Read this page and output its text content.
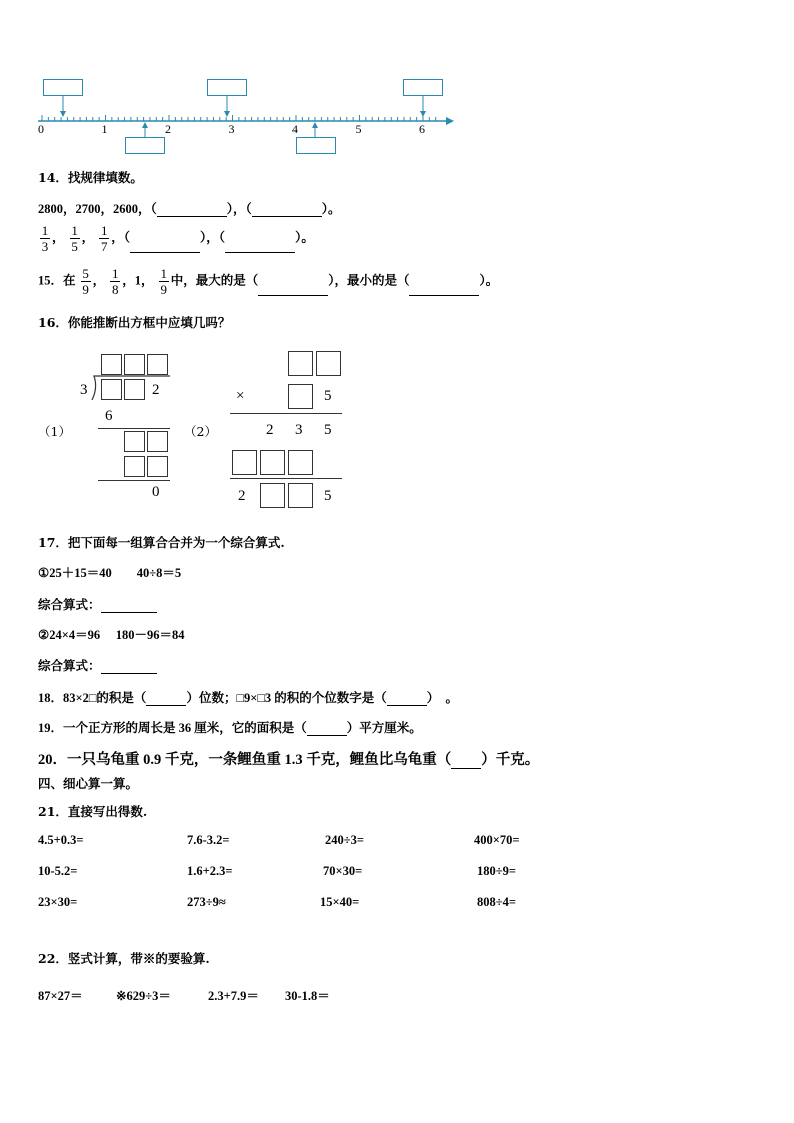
0	1	2	3	4	5	6
14．找规律填数。
2800，2700，2600，（	），（	）。
$\frac{1}{3}$ ， $\frac{1}{5}$ ， $\frac{1}{7}$ ，（	），（	）。
15．在 $\frac{5}{9}$ ， $\frac{1}{8}$ ，1， $\frac{1}{9}$ 中，最大的是（	），最小的是（	）。
16．你能推断出方框中应填几吗？
（1）
3	2
6
0
（2）
×	5
2 3 5
2	5
17．把下面每一组算合合并为一个综合算式.
①25＋15＝40　　40÷8＝5
综合算式：
②24×4＝96　 180－96＝84
综合算式：
18．83×2□的积是（	）位数；□9×□3 的积的个位数字是（	）　。
19．一个正方形的周长是 36 厘米，它的面积是（	）平方厘米。
20．一只乌龟重 0.9 千克，一条鲤鱼重 1.3 千克，鲤鱼比乌龟重（ ）千克。
四、细心算一算。
21．直接写出得数.
4.5+0.3=	7.6-3.2=	240÷3=	400×70=
10-5.2=	1.6+2.3=	70×30=	180÷9=
23×30=	273÷9≈	15×40=	808÷4=
22．竖式计算，带※的要验算.
87×27＝	※629÷3＝	2.3+7.9＝ 30-1.8＝
